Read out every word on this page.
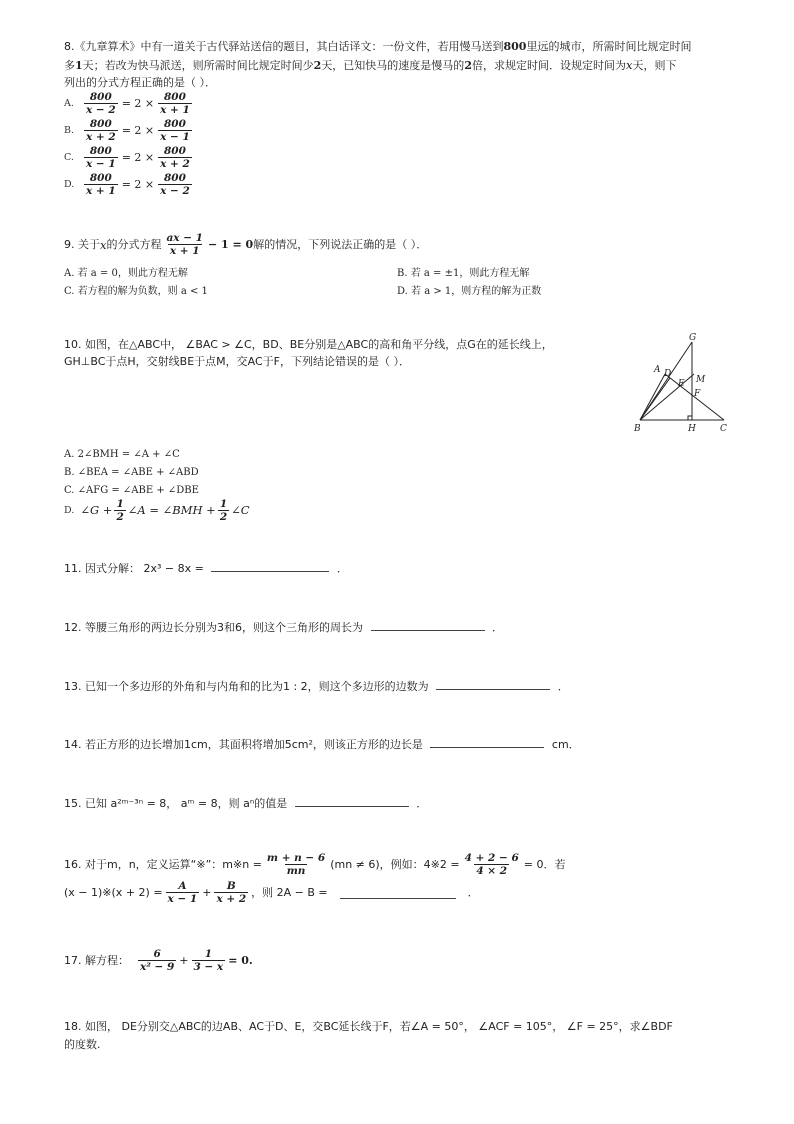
8.《九章算术》中有一道关于古代驿站送信的题目，其白话译文：一份文件，若用慢马送到800里远的城市，所需时间比规定时间
多1天；若改为快马派送，则所需时间比规定时间少2天，已知快马的速度是慢马的2倍，求规定时间．设规定时间为x天，则下
列出的分式方程正确的是（ ）．
A. $\frac{800}{x - 2} = 2 \times \frac{800}{x + 1}$
B. $\frac{800}{x + 2} = 2 \times \frac{800}{x - 1}$
C. $\frac{800}{x - 1} = 2 \times \frac{800}{x + 2}$
D. $\frac{800}{x + 1} = 2 \times \frac{800}{x - 2}$
9. 关于 x 的分式方程 $\frac{ax - 1}{x + 1} - 1 = 0$ 解的情况，下列说法正确的是（ ）．
A. 若 a = 0，则此方程无解	B. 若 a = ±1，则此方程无解
C. 若方程的解为负数，则 a < 1	D. 若 a > 1，则方程的解为正数
10. 如图，在△ABC中， ∠BAC > ∠C，BD、BE分别是△ABC的高和角平分线，点G在的延长线上，
GH⊥BC于点H，交射线BE于点M，交AC于F，下列结论错误的是（ ）．
G
A D
E M
F
B	H	C
A. 2∠BMH = ∠A + ∠C
B. ∠BEA = ∠ABE + ∠ABD
C. ∠AFG = ∠ABE + ∠DBE
D. ∠G + $\frac{1}{2}$ ∠A = ∠BMH + $\frac{1}{2}$ ∠C
11. 因式分解： 2x³ − 8x =	．
12. 等腰三角形的两边长分别为3和6，则这个三角形的周长为	．
13. 已知一个多边形的外角和与内角和的比为1 : 2，则这个多边形的边数为	．
14. 若正方形的边长增加1cm，其面积将增加5cm²，则该正方形的边长是	cm．
15. 已知 a²ᵐ⁻³ⁿ = 8， aᵐ = 8，则 aⁿ的值是	．
16. 对于m，n，定义运算“※”：m※n = $\frac{m + n - 6}{mn} (mn \ne 6)$，例如：4※2 = $\frac{4 + 2 - 6}{4 \times 2} = 0$．若
(x − 1)※(x + $2) = \frac{A}{x - 1} + \frac{B}{x + 2}$ ，则 2A − B =	．
17. 解方程： $\frac{6}{\text{x² − 9}} + \frac{1}{3 - x} = 0$.
18. 如图， DE分别交△ABC的边AB、AC于D、E，交BC延长线于F，若∠A = 50°， ∠ACF = 105°， ∠F = 25°，求∠BDF
的度数.
